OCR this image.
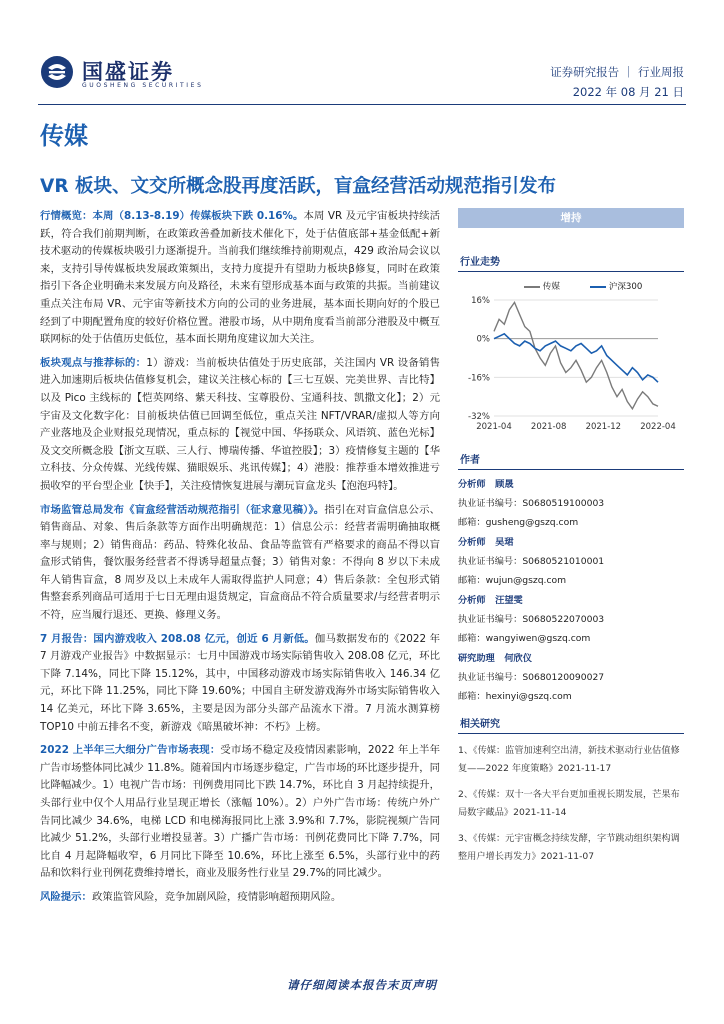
国盛证券
GUOSHENG SECURITIES
证券研究报告 ｜ 行业周报
2022 年 08 月 21 日
传媒
VR 板块、文交所概念股再度活跃，盲盒经营活动规范指引发布

行情概览：本周（8.13-8.19）传媒板块下跌 0.16%。本周 VR 及元宇宙板块持续活跃，符合我们前期判断，在政策政善叠加新技术催化下，处于估值底部+基金低配+新技术驱动的传媒板块吸引力逐渐提升。当前我们继续维持前期观点，429 政治局会议以来，支持引导传媒板块发展政策频出，支持力度提升有望助力板块β修复，同时在政策指引下各企业明确未来发展方向及路径，未来有望形成基本面与政策的共振。当前建议重点关注布局 VR、元宇宙等新技术方向的公司的业务进展，基本面长期向好的个股已经到了中期配置角度的较好价格位置。港股市场，从中期角度看当前部分港股及中概互联网标的处于估值历史低位，基本面长期角度建议加大关注。

板块观点与推荐标的：1）游戏：当前板块估值处于历史底部，关注国内 VR 设备销售进入加速期后板块估值修复机会，建议关注核心标的【三七互娱、完美世界、吉比特】以及 Pico 主线标的【恺英网络、紫天科技、宝尊股份、宝通科技、凯撒文化】；2）元宇宙及文化数字化：目前板块估值已回调至低位，重点关注 NFT/VRAR/虚拟人等方向产业落地及企业财报兑现情况，重点标的【视觉中国、华扬联众、风语筑、蓝色光标】及文交所概念股【浙文互联、三人行、博瑞传播、华谊控股】；3）疫情修复主题的【华立科技、分众传媒、光线传媒、猫眼娱乐、兆讯传媒】；4）港股：推荐垂本增效推进亏损收窄的平台型企业【快手】，关注疫情恢复进展与潮玩盲盒龙头【泡泡玛特】。

市场监管总局发布《盲盒经营活动规范指引（征求意见稿）》。指引在对盲盒信息公示、销售商品、对象、售后条款等方面作出明确规范：1）信息公示：经营者需明确抽取概率与规则；2）销售商品：药品、特殊化妆品、食品等监管有严格要求的商品不得以盲盒形式销售，餐饮服务经营者不得诱导超量点餐；3）销售对象：不得向 8 岁以下未成年人销售盲盒，8 周岁及以上未成年人需取得监护人同意；4）售后条款：全包形式销售整套系列商品可适用于七日无理由退货规定，盲盒商品不符合质量要求/与经营者明示不符，应当履行退还、更换、修理义务。

7 月报告：国内游戏收入 208.08 亿元，创近 6 月新低。伽马数据发布的《2022 年 7 月游戏产业报告》中数据显示：七月中国游戏市场实际销售收入 208.08 亿元，环比下降 7.14%，同比下降 15.12%，其中，中国移动游戏市场实际销售收入 146.34 亿元，环比下降 11.25%，同比下降 19.60%；中国自主研发游戏海外市场实际销售收入 14 亿美元，环比下降 3.65%，主要是因为部分头部产品流水下滑。7 月流水测算榜 TOP10 中前五排名不变，新游戏《暗黑破坏神：不朽》上榜。

2022 上半年三大细分广告市场表现：受市场不稳定及疫情因素影响，2022 年上半年广告市场整体同比减少 11.8%。随着国内市场逐步稳定，广告市场的环比逐步提升，同比降幅减少。1）电视广告市场：刊例费用同比下跌 14.7%，环比自 3 月起持续提升，头部行业中仅个人用品行业呈现正增长（涨幅 10%）。2）户外广告市场：传统户外广告同比减少 34.6%，电梯 LCD 和电梯海报同比上涨 3.9%和 7.7%，影院视频广告同比减少 51.2%，头部行业增投显著。3）广播广告市场：刊例花费同比下降 7.7%，同比自 4 月起降幅收窄，6 月同比下降至 10.6%，环比上涨至 6.5%，头部行业中的药品和饮料行业刊例花费维持增长，商业及服务性行业呈 29.7%的同比减少。

风险提示：政策监管风险，竞争加剧风险，疫情影响超预期风险。

增持
行业走势
16%
0%
-16%
-32%
2021-04 2021-08 2021-12 2022-04
传媒	沪深300
作者
分析师 顾晟
执业证书编号：S0680519100003
邮箱：gusheng@gszq.com
分析师 吴珺
执业证书编号：S0680521010001
邮箱：wujun@gszq.com
分析师 汪望雯
执业证书编号：S0680522070003
邮箱：wangyiwen@gszq.com
研究助理 何欣仪
执业证书编号：S0680120090027
邮箱：hexinyi@gszq.com
相关研究
1、《传媒：监管加速利空出清，新技术驱动行业估值修复——2022 年度策略》2021-11-17
2、《传媒：双十一各大平台更加重视长期发展，芒果布局数字藏品》2021-11-14
3、《传媒：元宇宙概念持续发酵，字节跳动组织架构调整用户增长再发力》2021-11-07
请仔细阅读本报告末页声明
